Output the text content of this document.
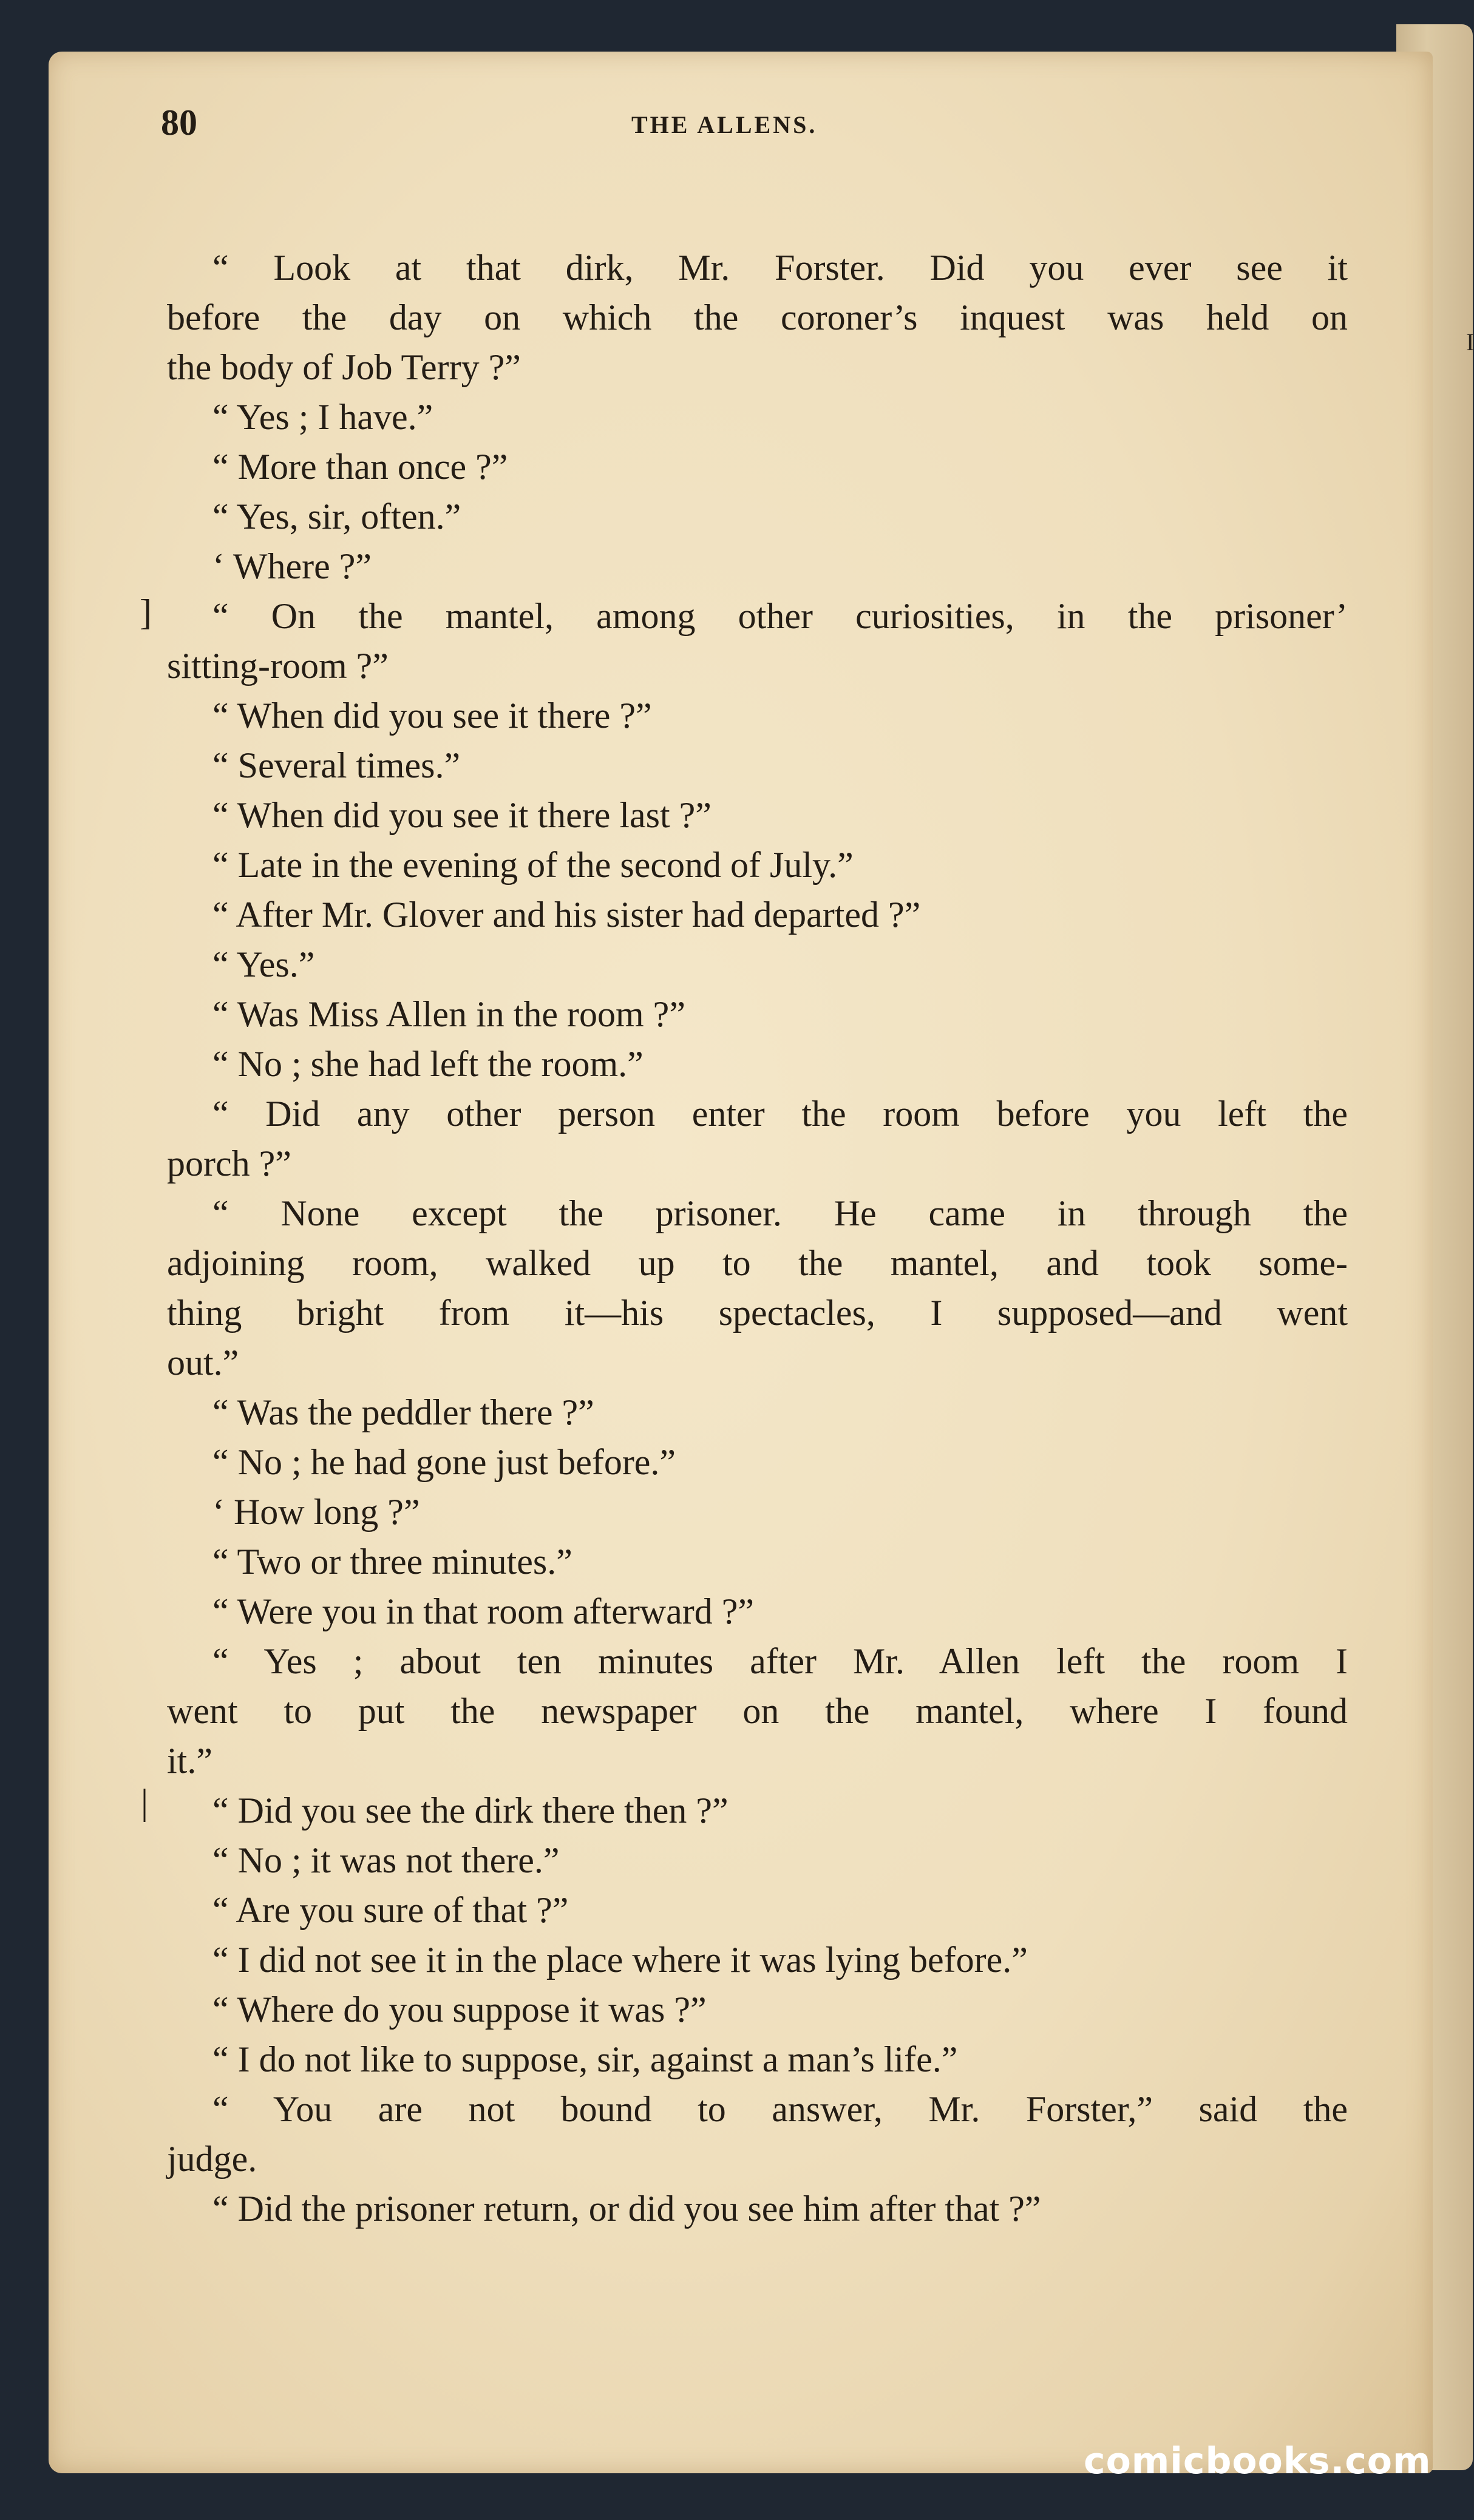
I
80	THE ALLENS.
]
|
“ Look at that dirk, Mr. Forster. Did you ever see it
before the day on which the coroner’s inquest was held on
the body of Job Terry ?”
“ Yes ; I have.”
“ More than once ?”
“ Yes, sir, often.”
‘ Where ?”
“ On the mantel, among other curiosities, in the prisoner’
sitting-room ?”
“ When did you see it there ?”
“ Several times.”
“ When did you see it there last ?”
“ Late in the evening of the second of July.”
“ After Mr. Glover and his sister had departed ?”
“ Yes.”
“ Was Miss Allen in the room ?”
“ No ; she had left the room.”
“ Did any other person enter the room before you left the
porch ?”
“ None except the prisoner. He came in through the
adjoining room, walked up to the mantel, and took some-
thing bright from it—his spectacles, I supposed—and went
out.”
“ Was the peddler there ?”
“ No ; he had gone just before.”
‘ How long ?”
“ Two or three minutes.”
“ Were you in that room afterward ?”
“ Yes ; about ten minutes after Mr. Allen left the room I
went to put the newspaper on the mantel, where I found
it.”
“ Did you see the dirk there then ?”
“ No ; it was not there.”
“ Are you sure of that ?”
“ I did not see it in the place where it was lying before.”
“ Where do you suppose it was ?”
“ I do not like to suppose, sir, against a man’s life.”
“ You are not bound to answer, Mr. Forster,” said the
judge.
“ Did the prisoner return, or did you see him after that ?”
comicbooks.com
